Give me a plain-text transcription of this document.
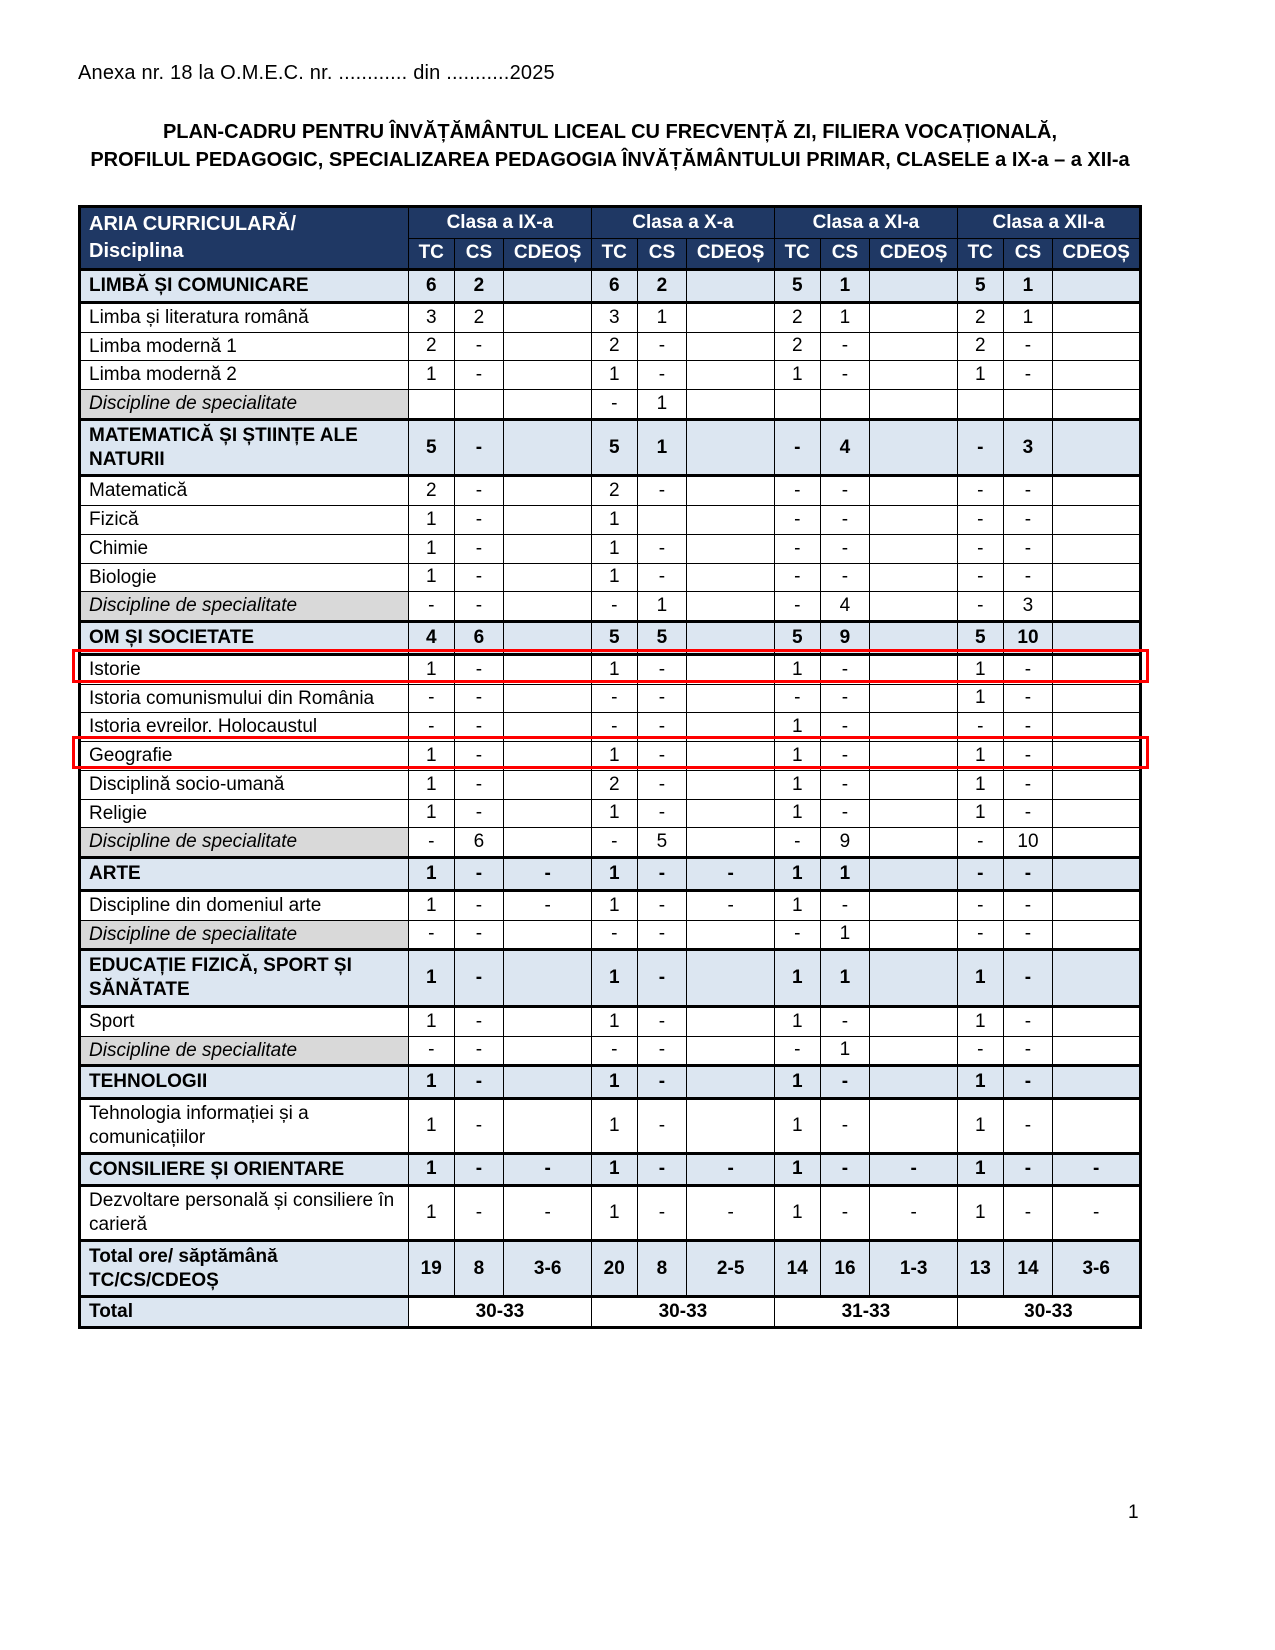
Anexa nr. 18 la O.M.E.C. nr. ............ din ...........2025
PLAN-CADRU PENTRU ÎNVĂȚĂMÂNTUL LICEAL CU FRECVENȚĂ ZI, FILIERA VOCAȚIONALĂ,
PROFILUL PEDAGOGIC, SPECIALIZAREA PEDAGOGIA ÎNVĂȚĂMÂNTULUI PRIMAR, CLASELE a IX-a – a XII-a
ARIA CURRICULARĂ/
Disciplina	Clasa a IX-a			Clasa a X-a			Clasa a XI-a			Clasa a XII-a		
	TC	CS	CDEOȘ	TC	CS	CDEOȘ	TC	CS	CDEOȘ	TC	CS	CDEOȘ
LIMBĂ ȘI COMUNICARE	6	2		6	2		5	1		5	1	
Limba și literatura română	3	2		3	1		2	1		2	1	
Limba modernă 1	2	-		2	-		2	-		2	-	
Limba modernă 2	1	-		1	-		1	-		1	-	
Discipline de specialitate				-	1							
MATEMATICĂ ȘI ȘTIINȚE ALE NATURII	5	-		5	1		-	4		-	3	
Matematică	2	-		2	-		-	-		-	-	
Fizică	1	-		1			-	-		-	-	
Chimie	1	-		1	-		-	-		-	-	
Biologie	1	-		1	-		-	-		-	-	
Discipline de specialitate	-	-		-	1		-	4		-	3	
OM ȘI SOCIETATE	4	6		5	5		5	9		5	10	
Istorie	1	-		1	-		1	-		1	-	
Istoria comunismului din România	-	-		-	-		-	-		1	-	
Istoria evreilor. Holocaustul	-	-		-	-		1	-		-	-	
Geografie	1	-		1	-		1	-		1	-	
Disciplină socio-umană	1	-		2	-		1	-		1	-	
Religie	1	-		1	-		1	-		1	-	
Discipline de specialitate	-	6		-	5		-	9		-	10	
ARTE	1	-	-	1	-	-	1	1		-	-	
Discipline din domeniul arte	1	-	-	1	-	-	1	-		-	-	
Discipline de specialitate	-	-		-	-		-	1		-	-	
EDUCAȚIE FIZICĂ, SPORT ȘI SĂNĂTATE	1	-		1	-		1	1		1	-	
Sport	1	-		1	-		1	-		1	-	
Discipline de specialitate	-	-		-	-		-	1		-	-	
TEHNOLOGII	1	-		1	-		1	-		1	-	
Tehnologia informației și a comunicațiilor	1	-		1	-		1	-		1	-	
CONSILIERE ȘI ORIENTARE	1	-	-	1	-	-	1	-	-	1	-	-
Dezvoltare personală și consiliere în carieră	1	-	-	1	-	-	1	-	-	1	-	-
Total ore/ săptămână TC/CS/CDEOȘ	19	8	3-6	20	8	2-5	14	16	1-3	13	14	3-6
Total	30-33			30-33			31-33			30-33		
1
